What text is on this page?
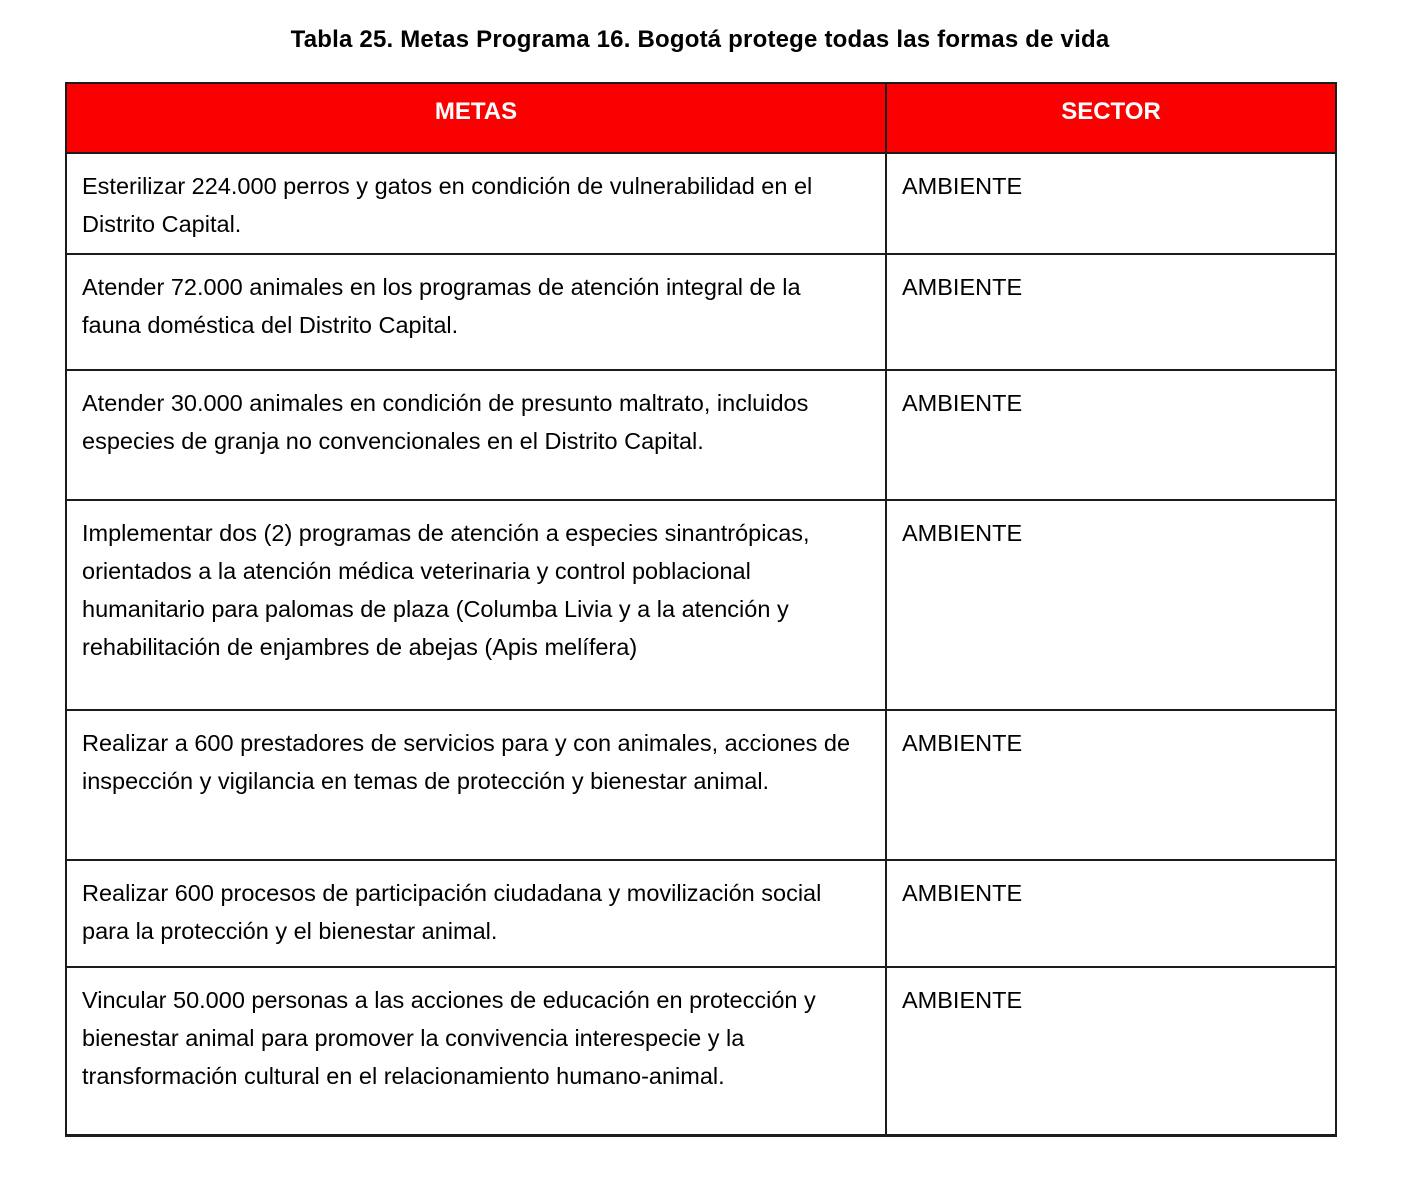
Tabla 25. Metas Programa 16. Bogotá protege todas las formas de vida
METAS	SECTOR
Esterilizar 224.000 perros y gatos en condición de vulnerabilidad en el Distrito Capital.	AMBIENTE
Atender 72.000 animales en los programas de atención integral de la fauna doméstica del Distrito Capital.	AMBIENTE
Atender 30.000 animales en condición de presunto maltrato, incluidos especies de granja no convencionales en el Distrito Capital.	AMBIENTE
Implementar dos (2) programas de atención a especies sinantrópicas, orientados a la atención médica veterinaria y control poblacional humanitario para palomas de plaza (Columba Livia y a la atención y rehabilitación de enjambres de abejas (Apis melífera)	AMBIENTE
Realizar a 600 prestadores de servicios para y con animales, acciones de inspección y vigilancia en temas de protección y bienestar animal.	AMBIENTE
Realizar 600 procesos de participación ciudadana y movilización social para la protección y el bienestar animal.	AMBIENTE
Vincular 50.000 personas a las acciones de educación en protección y bienestar animal para promover la convivencia interespecie y la transformación cultural en el relacionamiento humano-animal.	AMBIENTE
